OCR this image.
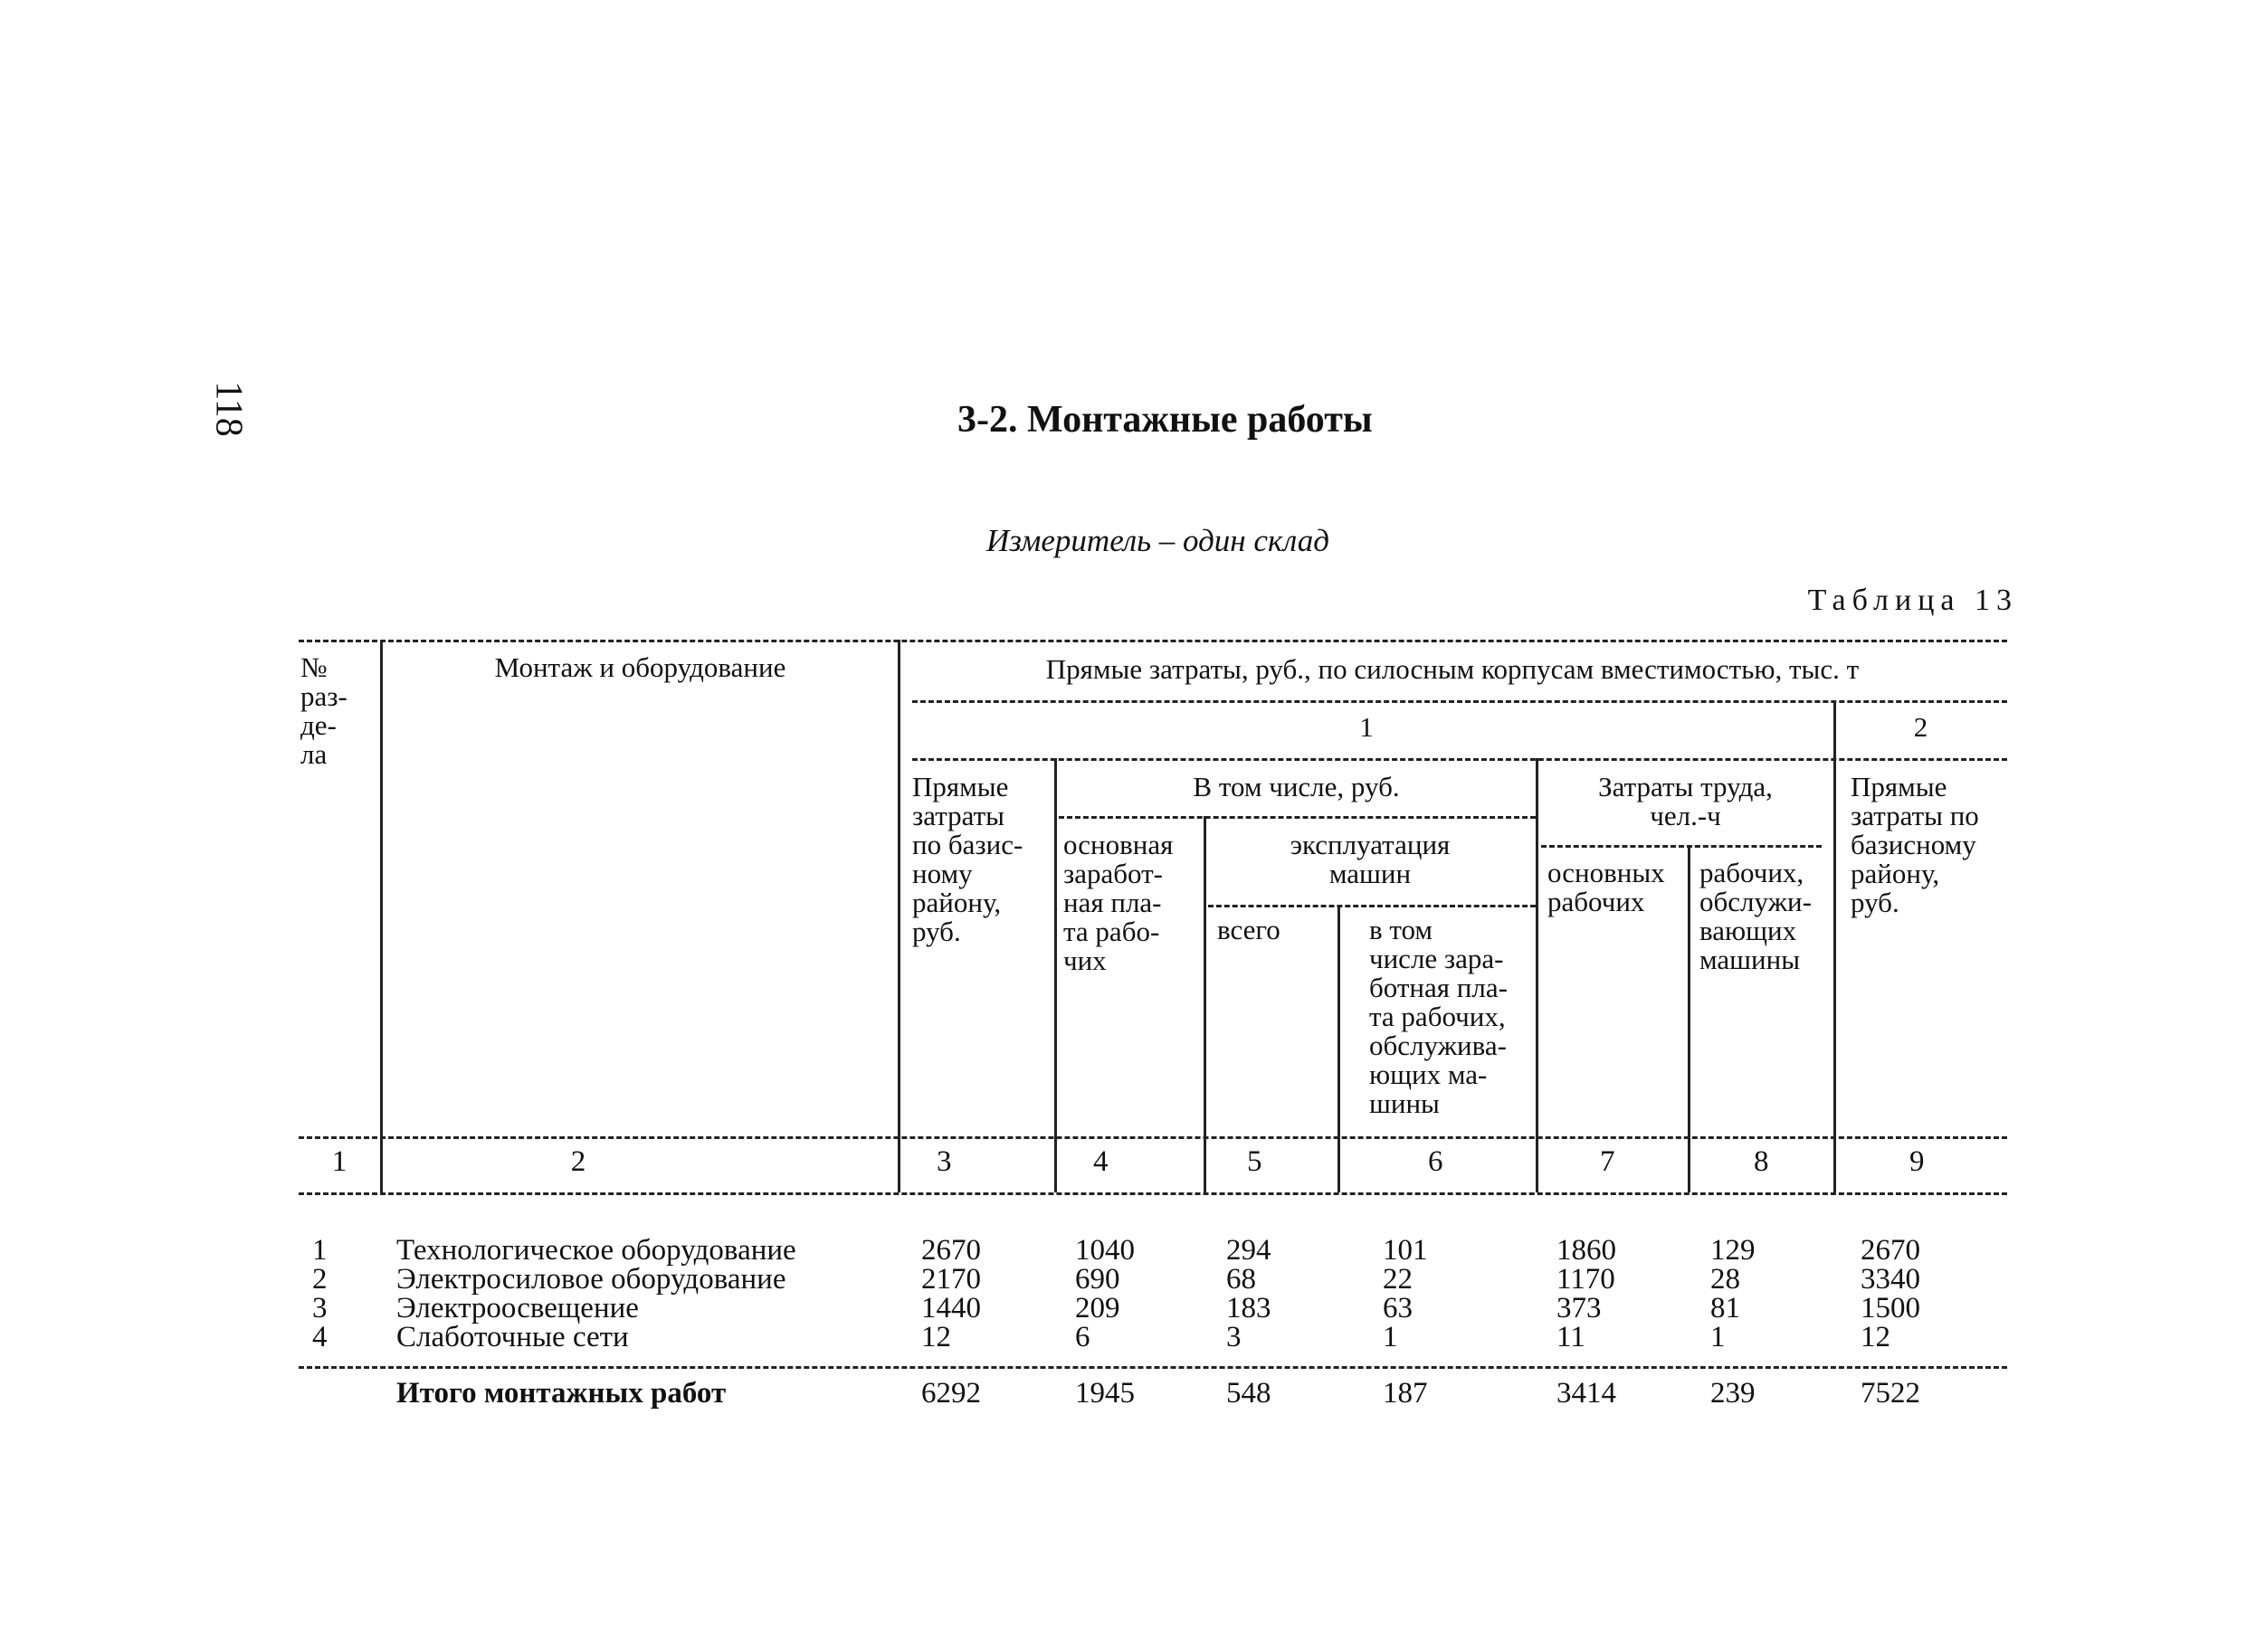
118	3-2. Монтажные работы
Измеритель – один склад
Таблица 13
№
раз-
де-
ла
Монтаж и оборудование	Прямые затраты, руб., по силосным корпусам вместимостью, тыс. т
1	2
Прямые
затраты
по базис-
ному
району,
руб.
В том числе, руб.
основная
заработ-
ная пла-
та рабо-
чих
эксплуатация
машин
всего	в том
числе зара-
ботная пла-
та рабочих,
обслужива-
ющих ма-
шины
Затраты труда,
чел.-ч
основных
рабочих
рабочих,
обслужи-
вающих
машины
Прямые
затраты по
базисному
району,
руб.
1	2	3	4	5	6	7	8	9
1 Технологическое оборудование	2670	1040	294	101	1860	129	2670
2 Электросиловое оборудование	2170	690	68	22	1170	28	3340
3 Электроосвещение	1440	209	183	63	373	81	1500
4 Слаботочные сети	12	6	3	1	11	1	12
Итого монтажных работ	6292	1945	548	187	3414	239	7522
